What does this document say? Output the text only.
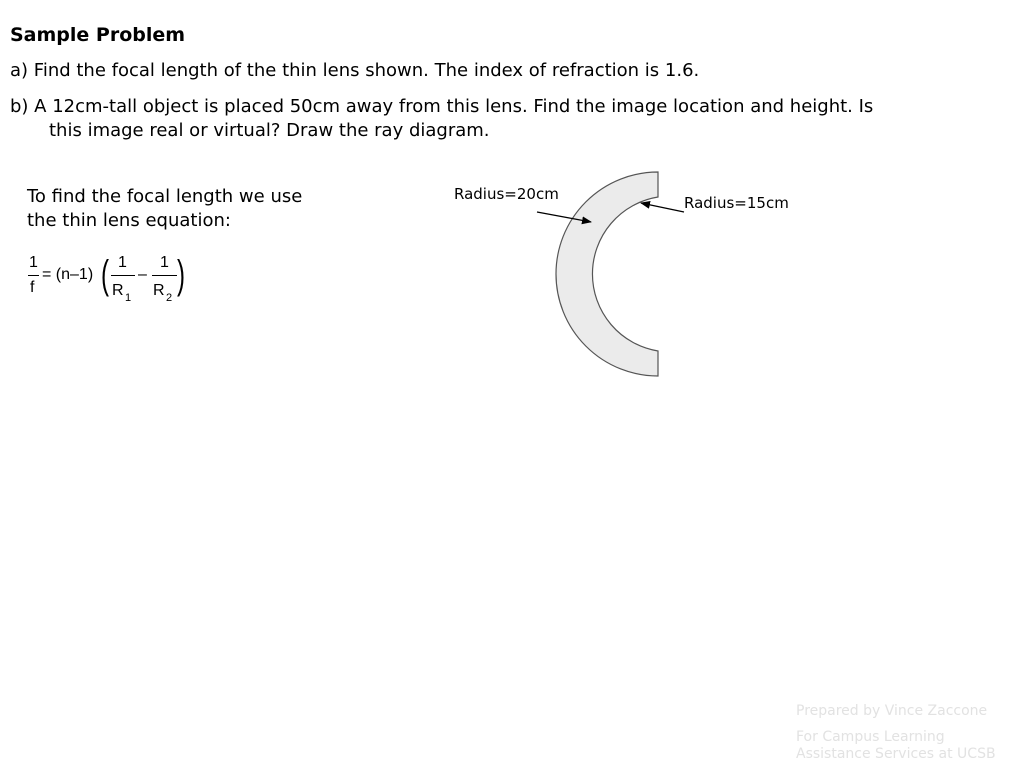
Sample Problem
a) Find the focal length of the thin lens shown. The index of refraction is 1.6.
b) A 12cm-tall object is placed 50cm away from this lens. Find the image location and height. Is
this image real or virtual? Draw the ray diagram.
To find the focal length we use
the thin lens equation:
1
f
= (n–1) ( 1
R 1
–
1
R 2
)
Radius=20cm	Radius=15cm
Prepared by Vince Zaccone
For Campus Learning
Assistance Services at UCSB
